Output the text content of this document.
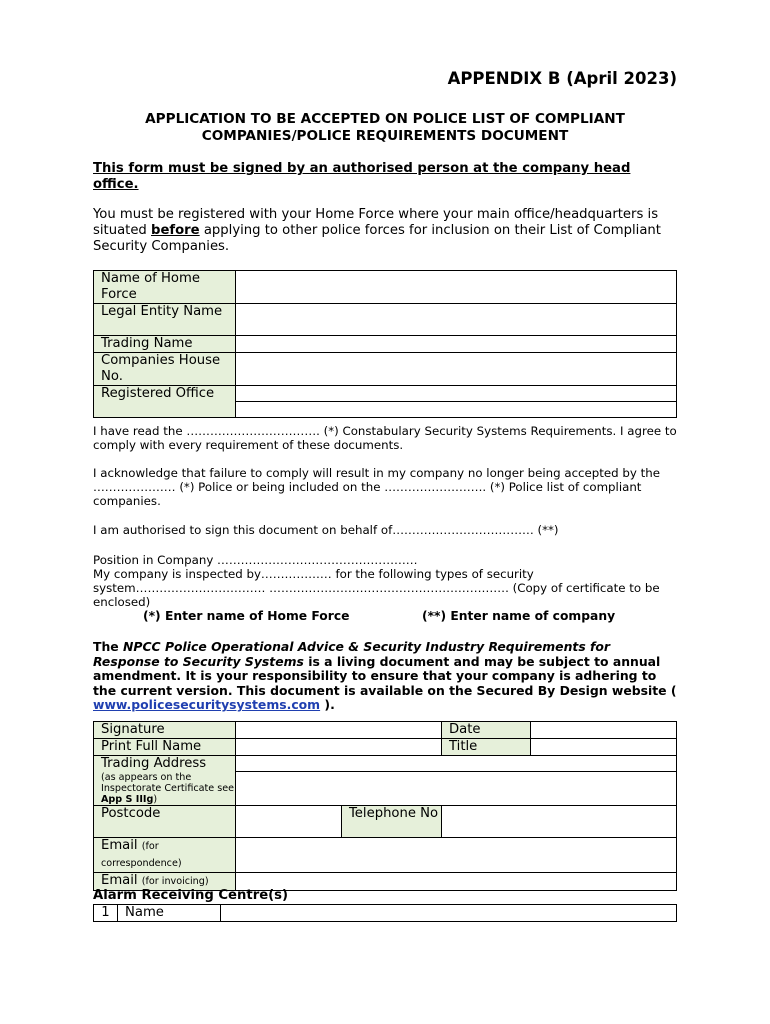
APPENDIX B (April 2023)
APPLICATION TO BE ACCEPTED ON POLICE LIST OF COMPLIANT
COMPANIES/POLICE REQUIREMENTS DOCUMENT
This form must be signed by an authorised person at the company head office.
You must be registered with your Home Force where your main office/headquarters is situated before applying to other police forces for inclusion on their List of Compliant Security Companies.
Name of Home Force	
Legal Entity Name	
Trading Name	
Companies House No.	
Registered Office	

I have read the ……………………………. (*) Constabulary Security Systems Requirements. I agree to comply with every requirement of these documents.
I acknowledge that failure to comply will result in my company no longer being accepted by the ………………… (*) Police or being included on the …………………….. (*) Police list of compliant companies.
I am authorised to sign this document on behalf of……………………………… (**)
Position in Company ……………………………………………
My company is inspected by……………… for the following types of security system…………………………… ……………………………………………………. (Copy of certificate to be enclosed)
(*) Enter name of Home Force	(**) Enter name of company
The NPCC Police Operational Advice & Security Industry Requirements for Response to Security Systems is a living document and may be subject to annual amendment. It is your responsibility to ensure that your company is adhering to the current version. This document is available on the Secured By Design website ( www.policesecuritysystems.com ).
Signature			Date	
Print Full Name			Title	
Trading Address
(as appears on the Inspectorate Certificate see App S IIIg)				

Postcode		Telephone No		
Email (for correspondence)				
Email (for invoicing)				
Alarm Receiving Centre(s)
1	Name	
